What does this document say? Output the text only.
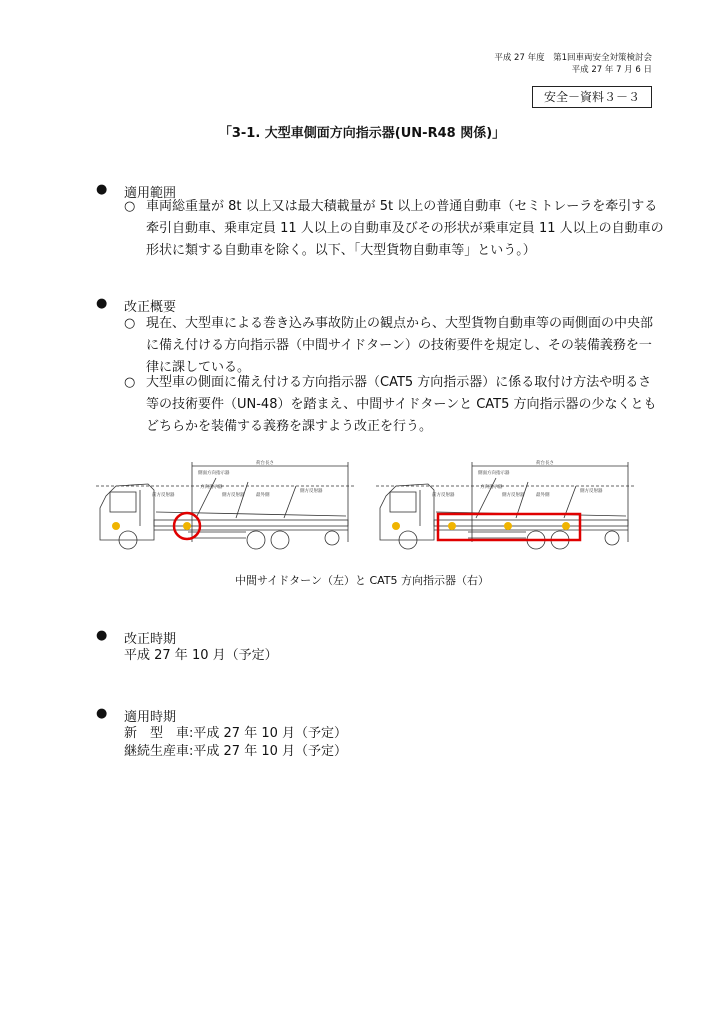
平成 27 年度　第1回車両安全対策検討会
平成 27 年 7 月 6 日
安全－資料３－３
「3-1. 大型車側面方向指示器(UN-R48 関係)」
● 適用範囲
○ 車両総重量が 8t 以上又は最大積載量が 5t 以上の普通自動車（セミトレーラを牽引する牽引自動車、乗車定員 11 人以上の自動車及びその形状が乗車定員 11 人以上の自動車の形状に類する自動車を除く。以下、「大型貨物自動車等」という。）
● 改正概要
○ 現在、大型車による巻き込み事故防止の観点から、大型貨物自動車等の両側面の中央部に備え付ける方向指示器（中間サイドターン）の技術要件を規定し、その装備義務を一律に課している。
○ 大型車の側面に備え付ける方向指示器（CAT5 方向指示器）に係る取付け方法や明るさ等の技術要件（UN-48）を踏まえ、中間サイドターンと CAT5 方向指示器の少なくともどちらかを装備する義務を課すよう改正を行う。
荷台長さ
側面方向指示器
前方反射器
方向指示器
側方反射器	最外側
側方反射器
荷台長さ
側面方向指示器
前方反射器
方向指示器
側方反射器	最外側
側方反射器
中間サイドターン（左）と CAT5 方向指示器（右）
● 改正時期
平成 27 年 10 月（予定）
● 適用時期
新　型　車:平成 27 年 10 月（予定）
継続生産車:平成 27 年 10 月（予定）
